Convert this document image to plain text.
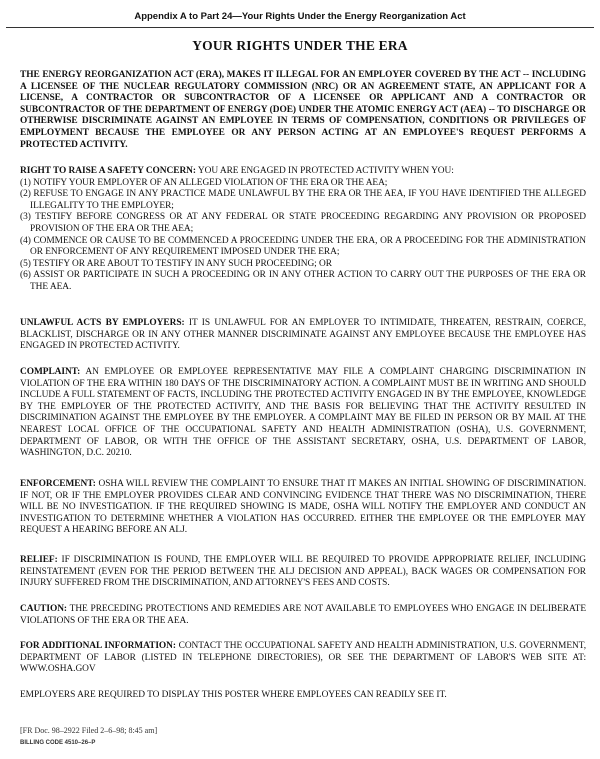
Appendix A to Part 24—Your Rights Under the Energy Reorganization Act
YOUR RIGHTS UNDER THE ERA
THE ENERGY REORGANIZATION ACT (ERA), MAKES IT ILLEGAL FOR AN EMPLOYER COVERED BY THE ACT -- INCLUDING A LICENSEE OF THE NUCLEAR REGULATORY COMMISSION (NRC) OR AN AGREEMENT STATE, AN APPLICANT FOR A LICENSE, A CONTRACTOR OR SUBCONTRACTOR OF A LICENSEE OR APPLICANT AND A CONTRACTOR OR SUBCONTRACTOR OF THE DEPARTMENT OF ENERGY (DOE) UNDER THE ATOMIC ENERGY ACT (AEA) -- TO DISCHARGE OR OTHERWISE DISCRIMINATE AGAINST AN EMPLOYEE IN TERMS OF COMPENSATION, CONDITIONS OR PRIVILEGES OF EMPLOYMENT BECAUSE THE EMPLOYEE OR ANY PERSON ACTING AT AN EMPLOYEE'S REQUEST PERFORMS A PROTECTED ACTIVITY.
RIGHT TO RAISE A SAFETY CONCERN: YOU ARE ENGAGED IN PROTECTED ACTIVITY WHEN YOU:
(1) NOTIFY YOUR EMPLOYER OF AN ALLEGED VIOLATION OF THE ERA OR THE AEA;
(2) REFUSE TO ENGAGE IN ANY PRACTICE MADE UNLAWFUL BY THE ERA OR THE AEA, IF YOU HAVE IDENTIFIED THE ALLEGED ILLEGALITY TO THE EMPLOYER;
(3) TESTIFY BEFORE CONGRESS OR AT ANY FEDERAL OR STATE PROCEEDING REGARDING ANY PROVISION OR PROPOSED PROVISION OF THE ERA OR THE AEA;
(4) COMMENCE OR CAUSE TO BE COMMENCED A PROCEEDING UNDER THE ERA, OR A PROCEEDING FOR THE ADMINISTRATION OR ENFORCEMENT OF ANY REQUIREMENT IMPOSED UNDER THE ERA;
(5) TESTIFY OR ARE ABOUT TO TESTIFY IN ANY SUCH PROCEEDING; OR
(6) ASSIST OR PARTICIPATE IN SUCH A PROCEEDING OR IN ANY OTHER ACTION TO CARRY OUT THE PURPOSES OF THE ERA OR THE AEA.
UNLAWFUL ACTS BY EMPLOYERS: IT IS UNLAWFUL FOR AN EMPLOYER TO INTIMIDATE, THREATEN, RESTRAIN, COERCE, BLACKLIST, DISCHARGE OR IN ANY OTHER MANNER DISCRIMINATE AGAINST ANY EMPLOYEE BECAUSE THE EMPLOYEE HAS ENGAGED IN PROTECTED ACTIVITY.
COMPLAINT: AN EMPLOYEE OR EMPLOYEE REPRESENTATIVE MAY FILE A COMPLAINT CHARGING DISCRIMINATION IN VIOLATION OF THE ERA WITHIN 180 DAYS OF THE DISCRIMINATORY ACTION. A COMPLAINT MUST BE IN WRITING AND SHOULD INCLUDE A FULL STATEMENT OF FACTS, INCLUDING THE PROTECTED ACTIVITY ENGAGED IN BY THE EMPLOYEE, KNOWLEDGE BY THE EMPLOYER OF THE PROTECTED ACTIVITY, AND THE BASIS FOR BELIEVING THAT THE ACTIVITY RESULTED IN DISCRIMINATION AGAINST THE EMPLOYEE BY THE EMPLOYER. A COMPLAINT MAY BE FILED IN PERSON OR BY MAIL AT THE NEAREST LOCAL OFFICE OF THE OCCUPATIONAL SAFETY AND HEALTH ADMINISTRATION (OSHA), U.S. GOVERNMENT, DEPARTMENT OF LABOR, OR WITH THE OFFICE OF THE ASSISTANT SECRETARY, OSHA, U.S. DEPARTMENT OF LABOR, WASHINGTON, D.C. 20210.
ENFORCEMENT: OSHA WILL REVIEW THE COMPLAINT TO ENSURE THAT IT MAKES AN INITIAL SHOWING OF DISCRIMINATION. IF NOT, OR IF THE EMPLOYER PROVIDES CLEAR AND CONVINCING EVIDENCE THAT THERE WAS NO DISCRIMINATION, THERE WILL BE NO INVESTIGATION. IF THE REQUIRED SHOWING IS MADE, OSHA WILL NOTIFY THE EMPLOYER AND CONDUCT AN INVESTIGATION TO DETERMINE WHETHER A VIOLATION HAS OCCURRED. EITHER THE EMPLOYEE OR THE EMPLOYER MAY REQUEST A HEARING BEFORE AN ALJ.
RELIEF: IF DISCRIMINATION IS FOUND, THE EMPLOYER WILL BE REQUIRED TO PROVIDE APPROPRIATE RELIEF, INCLUDING REINSTATEMENT (EVEN FOR THE PERIOD BETWEEN THE ALJ DECISION AND APPEAL), BACK WAGES OR COMPENSATION FOR INJURY SUFFERED FROM THE DISCRIMINATION, AND ATTORNEY'S FEES AND COSTS.
CAUTION: THE PRECEDING PROTECTIONS AND REMEDIES ARE NOT AVAILABLE TO EMPLOYEES WHO ENGAGE IN DELIBERATE VIOLATIONS OF THE ERA OR THE AEA.
FOR ADDITIONAL INFORMATION: CONTACT THE OCCUPATIONAL SAFETY AND HEALTH ADMINISTRATION, U.S. GOVERNMENT, DEPARTMENT OF LABOR (LISTED IN TELEPHONE DIRECTORIES), OR SEE THE DEPARTMENT OF LABOR'S WEB SITE AT: WWW.OSHA.GOV
EMPLOYERS ARE REQUIRED TO DISPLAY THIS POSTER WHERE EMPLOYEES CAN READILY SEE IT.
[FR Doc. 98–2922 Filed 2–6–98; 8:45 am]
BILLING CODE 4510–26–P
